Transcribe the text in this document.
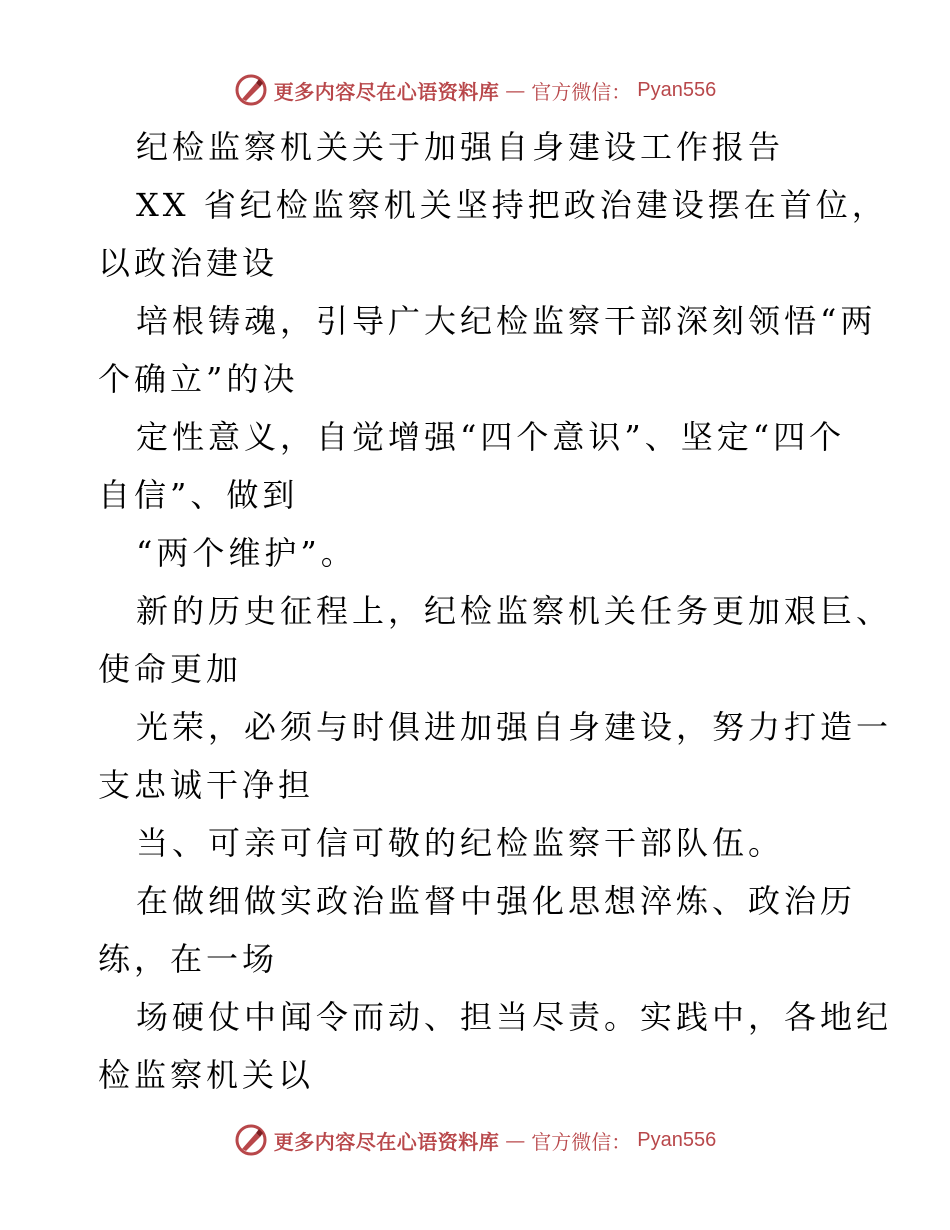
更多内容尽在心语资料库 — 官方微信： Pyan556
纪检监察机关关于加强自身建设工作报告
XX 省纪检监察机关坚持把政治建设摆在首位，
以政治建设
培根铸魂，引导广大纪检监察干部深刻领悟“两
个确立”的决
定性意义，自觉增强“四个意识”、坚定“四个
自信”、做到
“两个维护”。
新的历史征程上，纪检监察机关任务更加艰巨、
使命更加
光荣，必须与时俱进加强自身建设，努力打造一
支忠诚干净担
当、可亲可信可敬的纪检监察干部队伍。
在做细做实政治监督中强化思想淬炼、政治历
练，在一场
场硬仗中闻令而动、担当尽责。实践中，各地纪
检监察机关以
更多内容尽在心语资料库 — 官方微信： Pyan556
